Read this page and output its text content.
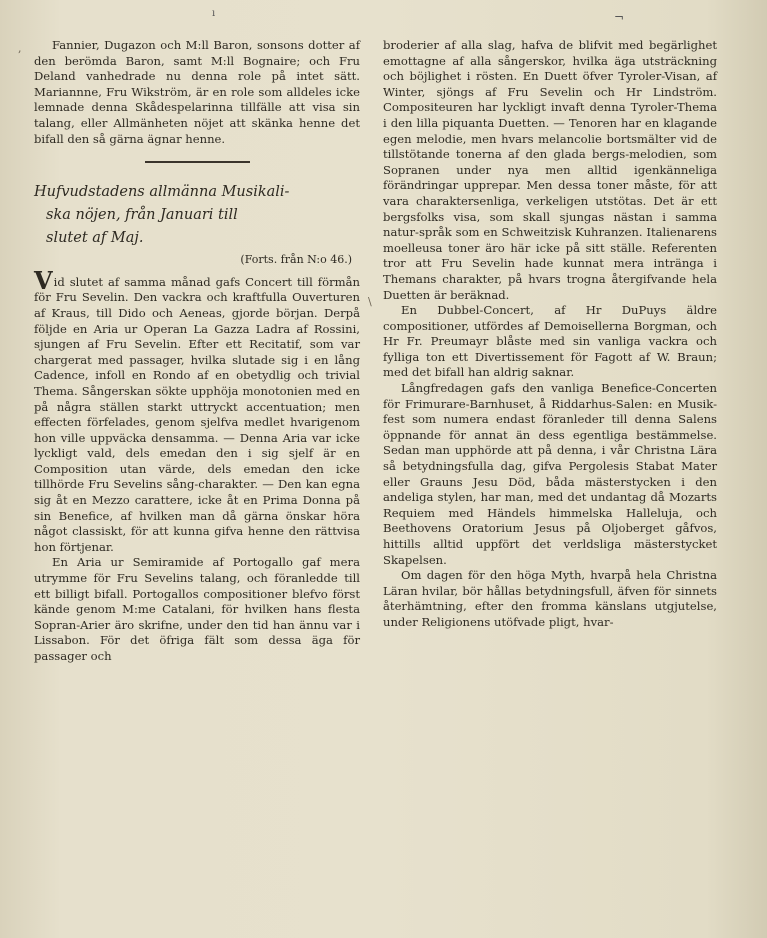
ı	¬

Fannier, Dugazon och M:ll Baron, sonsons dotter af den berömda Baron, samt M:ll Bognaire; och Fru Deland vanhedrade nu denna role på intet sätt. Mariannne, Fru Wikström, är en role som alldeles icke lemnade denna Skådespelarinna tillfälle att visa sin talang, eller Allmänheten nöjet att skänka henne det bifall den så gärna ägnar henne.

Hufvudstadens allmänna Musikali-
ska nöjen, från Januari till
slutet af Maj.
(Forts. från N:o 46.)

Vid slutet af samma månad gafs Concert till förmån för Fru Sevelin. Den vackra och kraftfulla Ouverturen af Kraus, till Dido och Aeneas, gjorde början. Derpå följde en Aria ur Operan La Gazza Ladra af Rossini, sjungen af Fru Sevelin. Efter ett Recitatif, som var chargerat med passager, hvilka slutade sig i en lång Cadence, infoll en Rondo af en obetydlig och trivial Thema. Sångerskan sökte upphöja monotonien med en på några ställen starkt uttryckt accentuation; men effecten förfelades, genom sjelfva medlet hvarigenom hon ville uppväcka densamma. — Denna Aria var icke lyckligt vald, dels emedan den i sig sjelf är en Composition utan värde, dels emedan den icke tillhörde Fru Sevelins sång-charakter. — Den kan egna sig åt en Mezzo carattere, icke åt en Prima Donna på sin Benefice, af hvilken man då gärna önskar höra något classiskt, för att kunna gifva henne den rättvisa hon förtjenar.

En Aria ur Semiramide af Portogallo gaf mera utrymme för Fru Sevelins talang, och föranledde till ett billigt bifall. Portogallos compositioner blefvo först kände genom M:me Catalani, för hvilken hans flesta Sopran-Arier äro skrifne, under den tid han ännu var i Lissabon. För det öfriga fält som dessa äga för passager och

broderier af alla slag, hafva de blifvit med begärlighet emottagne af alla sångerskor, hvilka äga utsträckning och böjlighet i rösten. En Duett öfver Tyroler-Visan, af Winter, sjöngs af Fru Sevelin och Hr Lindström. Compositeuren har lyckligt invaft denna Tyroler-Thema i den lilla piquanta Duetten. — Tenoren har en klagande egen melodie, men hvars melancolie bortsmälter vid de tillstötande tonerna af den glada bergs-melodien, som Sopranen under nya men alltid igenkänneliga förändringar upprepar. Men dessa toner måste, för att vara charaktersenliga, verkeligen utstötas. Det är ett bergsfolks visa, som skall sjungas nästan i samma natur-språk som en Schweitzisk Kuhranzen. Italienarens moelleusa toner äro här icke på sitt ställe. Referenten tror att Fru Sevelin hade kunnat mera intränga i Themans charakter, på hvars trogna återgifvande hela Duetten är beräknad.

En Dubbel-Concert, af Hr DuPuys äldre compositioner, utfördes af Demoisellerna Borgman, och Hr Fr. Preumayr blåste med sin vanliga vackra och fylliga ton ett Divertissement för Fagott af W. Braun; med det bifall han aldrig saknar.

Långfredagen gafs den vanliga Benefice-Concerten för Frimurare-Barnhuset, å Riddarhus-Salen: en Musik-fest som numera endast föranleder till denna Salens öppnande för annat än dess egentliga bestämmelse. Sedan man upphörde att på denna, i vår Christna Lära så betydningsfulla dag, gifva Pergolesis Stabat Mater eller Grauns Jesu Död, båda mästerstycken i den andeliga stylen, har man, med det undantag då Mozarts Requiem med Händels himmelska Halleluja, och Beethovens Oratorium Jesus på Oljoberget gåfvos, hittills alltid uppfört det verldsliga mästerstycket Skapelsen.

Om dagen för den höga Myth, hvarpå hela Christna Läran hvilar, bör hållas betydningsfull, äfven för sinnets återhämtning, efter den fromma känslans utgjutelse, under Religionens utöfvade pligt, hvar-

,
\
